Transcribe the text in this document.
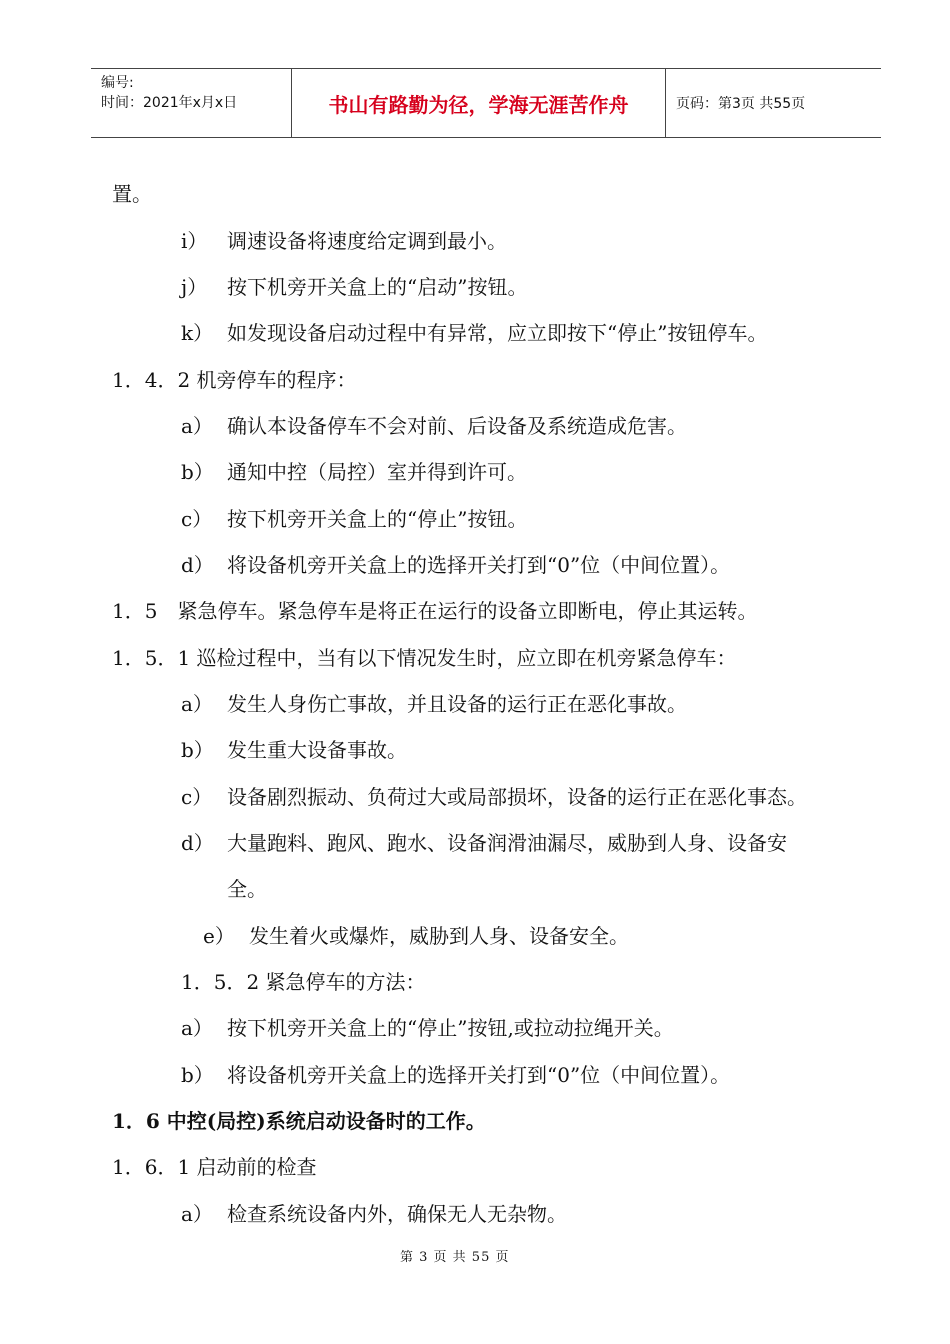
编号:
时间：2021年x月x日	书山有路勤为径，学海无涯苦作舟	页码：第3页 共55页
置。
i） 调速设备将速度给定调到最小。
j） 按下机旁开关盒上的“启动”按钮。
k） 如发现设备启动过程中有异常，应立即按下“停止”按钮停车。
1．4．2 机旁停车的程序：
a） 确认本设备停车不会对前、后设备及系统造成危害。
b） 通知中控（局控）室并得到许可。
c） 按下机旁开关盒上的“停止”按钮。
d） 将设备机旁开关盒上的选择开关打到“0”位（中间位置）。
1．5　紧急停车。紧急停车是将正在运行的设备立即断电，停止其运转。
1．5．1 巡检过程中，当有以下情况发生时，应立即在机旁紧急停车：
a） 发生人身伤亡事故，并且设备的运行正在恶化事故。
b） 发生重大设备事故。
c） 设备剧烈振动、负荷过大或局部损坏，设备的运行正在恶化事态。
d） 大量跑料、跑风、跑水、设备润滑油漏尽，威胁到人身、设备安
全。
e） 发生着火或爆炸，威胁到人身、设备安全。
1．5．2 紧急停车的方法：
a） 按下机旁开关盒上的“停止”按钮,或拉动拉绳开关。
b） 将设备机旁开关盒上的选择开关打到“0”位（中间位置）。
1．6 中控(局控)系统启动设备时的工作。
1．6．1 启动前的检查
a） 检查系统设备内外，确保无人无杂物。
第 3 页 共 55 页
